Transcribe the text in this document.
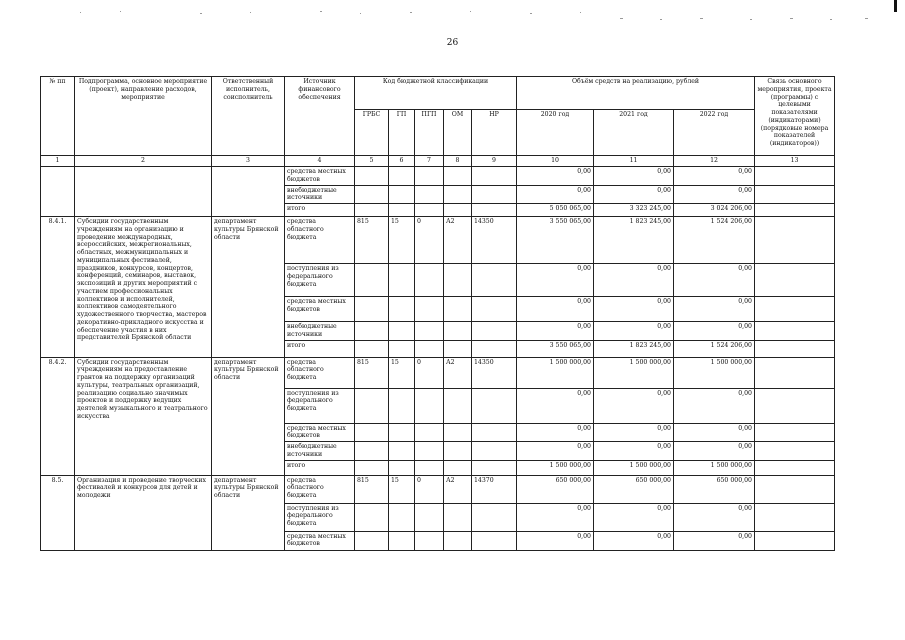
26
№ пп	Подпрограмма, основное мероприятие (проект), направление расходов, мероприятие	Ответственный исполнитель, соисполнитель	Источник финансового обеспечения	Код бюджетной классификации					Объём средств на реализацию, рублей			Связь основного мероприятия, проекта (программы) с целевыми показателями (индикаторами) (порядковые номера показателей (индикаторов))
				ГРБС	ГП	ПГП	ОМ	НР	2020 год	2021 год	2022 год	
1	2	3	4	5	6	7	8	9	10	11	12	13
			средства местных бюджетов						0,00	0,00	0,00	
			внебюджетные источники						0,00	0,00	0,00	
			итого						5 050 065,00	3 323 245,00	3 024 206,00	
8.4.1.	Субсидии государственным учреждениям на организацию и проведение международных, всероссийских, межрегиональных, областных, межмуниципальных и муниципальных фестивалей, праздников, конкурсов, концертов, конференций, семинаров, выставок, экспозиций и других мероприятий с участием профессиональных коллективов и исполнителей, коллективов самодеятельного художественного творчества, мастеров декоративно-прикладного искусства и обеспечение участия в них представителей Брянской области	департамент культуры Брянской области	средства областного бюджета	815	15	0	А2	14350	3 550 065,00	1 823 245,00	1 524 206,00	
			поступления из федерального бюджета						0,00	0,00	0,00	
			средства местных бюджетов						0,00	0,00	0,00	
			внебюджетные источники						0,00	0,00	0,00	
			итого						3 550 065,00	1 823 245,00	1 524 206,00	
8.4.2.	Субсидии государственным учреждениям на предоставление грантов на поддержку организаций культуры, театральных организаций, реализацию социально значимых проектов и поддержку ведущих деятелей музыкального и театрального искусства	департамент культуры Брянской области	средства областного бюджета	815	15	0	А2	14350	1 500 000,00	1 500 000,00	1 500 000,00	
			поступления из федерального бюджета						0,00	0,00	0,00	
			средства местных бюджетов						0,00	0,00	0,00	
			внебюджетные источники						0,00	0,00	0,00	
			итого						1 500 000,00	1 500 000,00	1 500 000,00	
8.5.	Организация и проведение творческих фестивалей и конкурсов для детей и молодежи	департамент культуры Брянской области	средства областного бюджета	815	15	0	А2	14370	650 000,00	650 000,00	650 000,00	
			поступления из федерального бюджета						0,00	0,00	0,00	
			средства местных бюджетов						0,00	0,00	0,00	
